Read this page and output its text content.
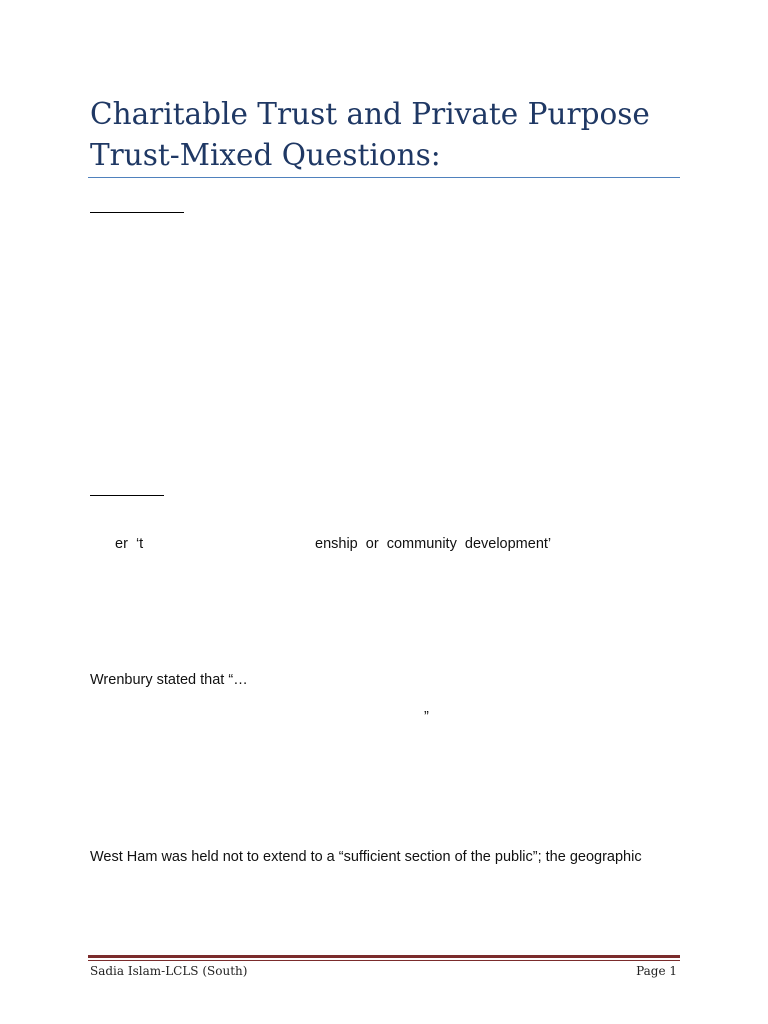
Charitable Trust and Private Purpose
Trust-Mixed Questions:

er  ‘t	enship  or  community  development’

Wrenbury stated that “…

”

West Ham was held not to extend to a “sufficient section of the public”; the geographic

Sadia Islam-LCLS (South)	Page 1
